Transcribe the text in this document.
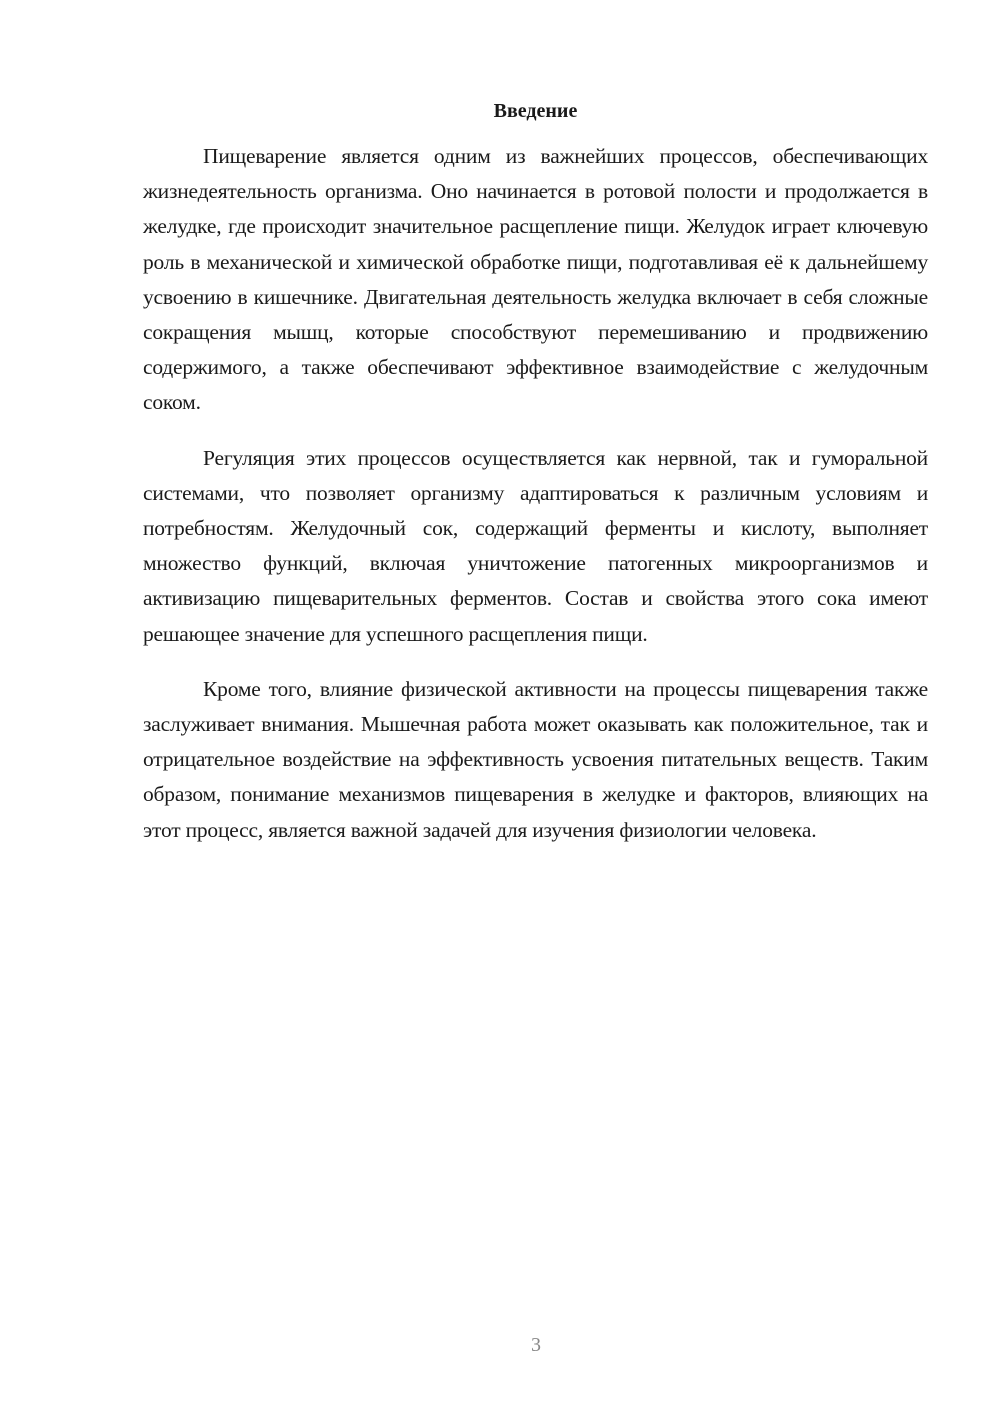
Введение

Пищеварение является одним из важнейших процессов, обеспечивающих жизнедеятельность организма. Оно начинается в ротовой полости и продолжается в желудке, где происходит значительное расщепление пищи. Желудок играет ключевую роль в механической и химической обработке пищи, подготавливая её к дальнейшему усвоению в кишечнике. Двигательная деятельность желудка включает в себя сложные сокращения мышц, которые способствуют перемешиванию и продвижению содержимого, а также обеспечивают эффективное взаимодействие с желудочным соком.

Регуляция этих процессов осуществляется как нервной, так и гуморальной системами, что позволяет организму адаптироваться к различным условиям и потребностям. Желудочный сок, содержащий ферменты и кислоту, выполняет множество функций, включая уничтожение патогенных микроорганизмов и активизацию пищеварительных ферментов. Состав и свойства этого сока имеют решающее значение для успешного расщепления пищи.

Кроме того, влияние физической активности на процессы пищеварения также заслуживает внимания. Мышечная работа может оказывать как положительное, так и отрицательное воздействие на эффективность усвоения питательных веществ. Таким образом, понимание механизмов пищеварения в желудке и факторов, влияющих на этот процесс, является важной задачей для изучения физиологии человека.

3
